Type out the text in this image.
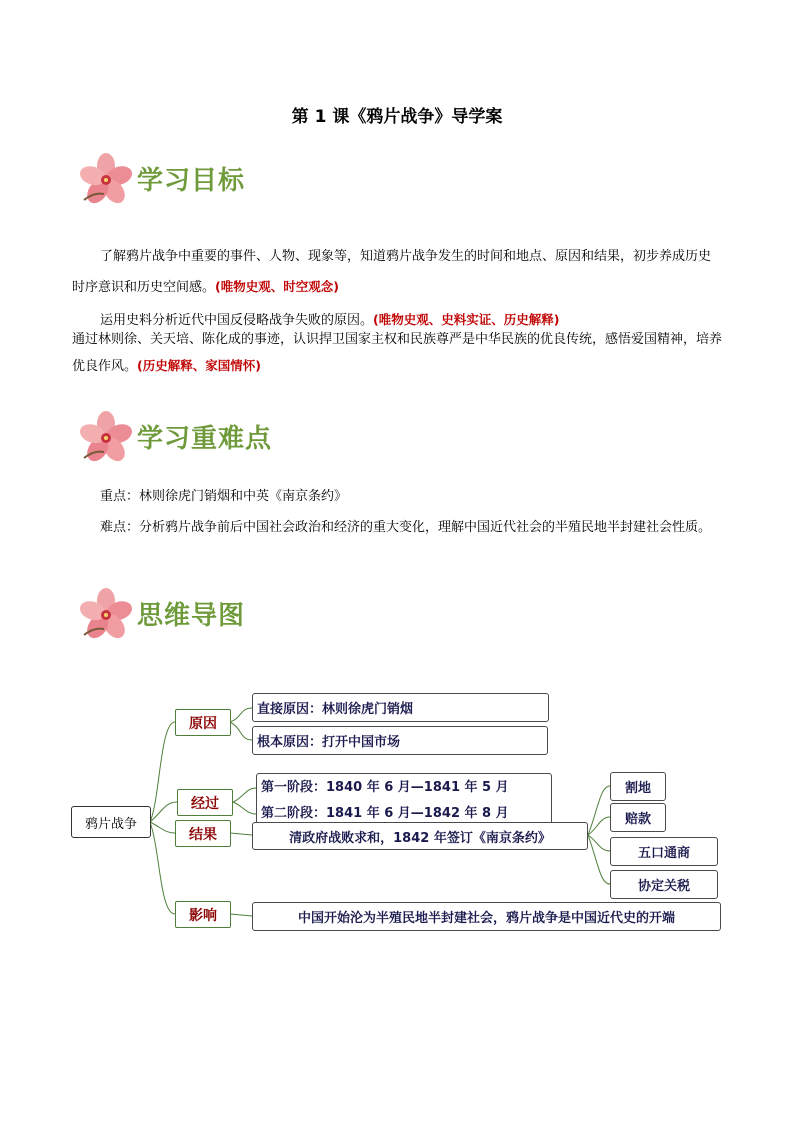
第 1 课《鸦片战争》导学案
学习目标
了解鸦片战争中重要的事件、人物、现象等，知道鸦片战争发生的时间和地点、原因和结果，初步养成历史时序意识和历史空间感。(唯物史观、时空观念)
运用史料分析近代中国反侵略战争失败的原因。(唯物史观、史料实证、历史解释)
通过林则徐、关天培、陈化成的事迹，认识捍卫国家主权和民族尊严是中华民族的优良传统，感悟爱国精神，培养优良作风。(历史解释、家国情怀)
学习重难点
重点：林则徐虎门销烟和中英《南京条约》
难点：分析鸦片战争前后中国社会政治和经济的重大变化，理解中国近代社会的半殖民地半封建社会性质。
思维导图
鸦片战争
原因
经过
结果
影响
直接原因： 林则徐虎门销烟
根本原因： 打开中国市场
第一阶段：1840 年 6 月—1841 年 5 月
第二阶段：1841 年 6 月—1842 年 8 月
清政府战败求和，1842 年签订《南京条约》
割地
赔款
五口通商
协定关税
中国开始沦为半殖民地半封建社会，鸦片战争是中国近代史的开端
